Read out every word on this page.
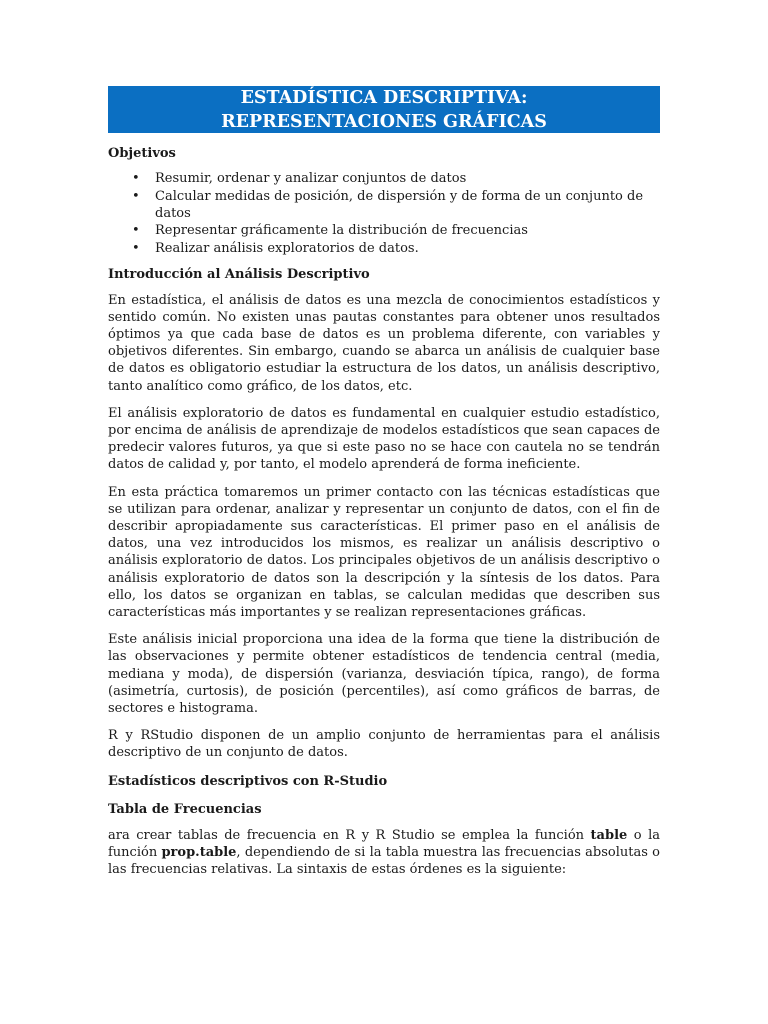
ESTADÍSTICA DESCRIPTIVA:
REPRESENTACIONES GRÁFICAS
Objetivos
• Resumir, ordenar y analizar conjuntos de datos
• Calcular medidas de posición, de dispersión y de forma de un conjunto de datos
• Representar gráficamente la distribución de frecuencias
• Realizar análisis exploratorios de datos.
Introducción al Análisis Descriptivo

En estadística, el análisis de datos es una mezcla de conocimientos estadísticos y sentido común. No existen unas pautas constantes para obtener unos resultados óptimos ya que cada base de datos es un problema diferente, con variables y objetivos diferentes. Sin embargo, cuando se abarca un análisis de cualquier base de datos es obligatorio estudiar la estructura de los datos, un análisis descriptivo, tanto analítico como gráfico, de los datos, etc.

El análisis exploratorio de datos es fundamental en cualquier estudio estadístico, por encima de análisis de aprendizaje de modelos estadísticos que sean capaces de predecir valores futuros, ya que si este paso no se hace con cautela no se tendrán datos de calidad y, por tanto, el modelo aprenderá de forma ineficiente.

En esta práctica tomaremos un primer contacto con las técnicas estadísticas que se utilizan para ordenar, analizar y representar un conjunto de datos, con el fin de describir apropiadamente sus características. El primer paso en el análisis de datos, una vez introducidos los mismos, es realizar un análisis descriptivo o análisis exploratorio de datos. Los principales objetivos de un análisis descriptivo o análisis exploratorio de datos son la descripción y la síntesis de los datos. Para ello, los datos se organizan en tablas, se calculan medidas que describen sus características más importantes y se realizan representaciones gráficas.

Este análisis inicial proporciona una idea de la forma que tiene la distribución de las observaciones y permite obtener estadísticos de tendencia central (media, mediana y moda), de dispersión (varianza, desviación típica, rango), de forma (asimetría, curtosis), de posición (percentiles), así como gráficos de barras, de sectores e histograma.

R y RStudio disponen de un amplio conjunto de herramientas para el análisis descriptivo de un conjunto de datos.

Estadísticos descriptivos con R-Studio
Tabla de Frecuencias

ara crear tablas de frecuencia en R y R Studio se emplea la función table o la función prop.table, dependiendo de si la tabla muestra las frecuencias absolutas o las frecuencias relativas. La sintaxis de estas órdenes es la siguiente:
